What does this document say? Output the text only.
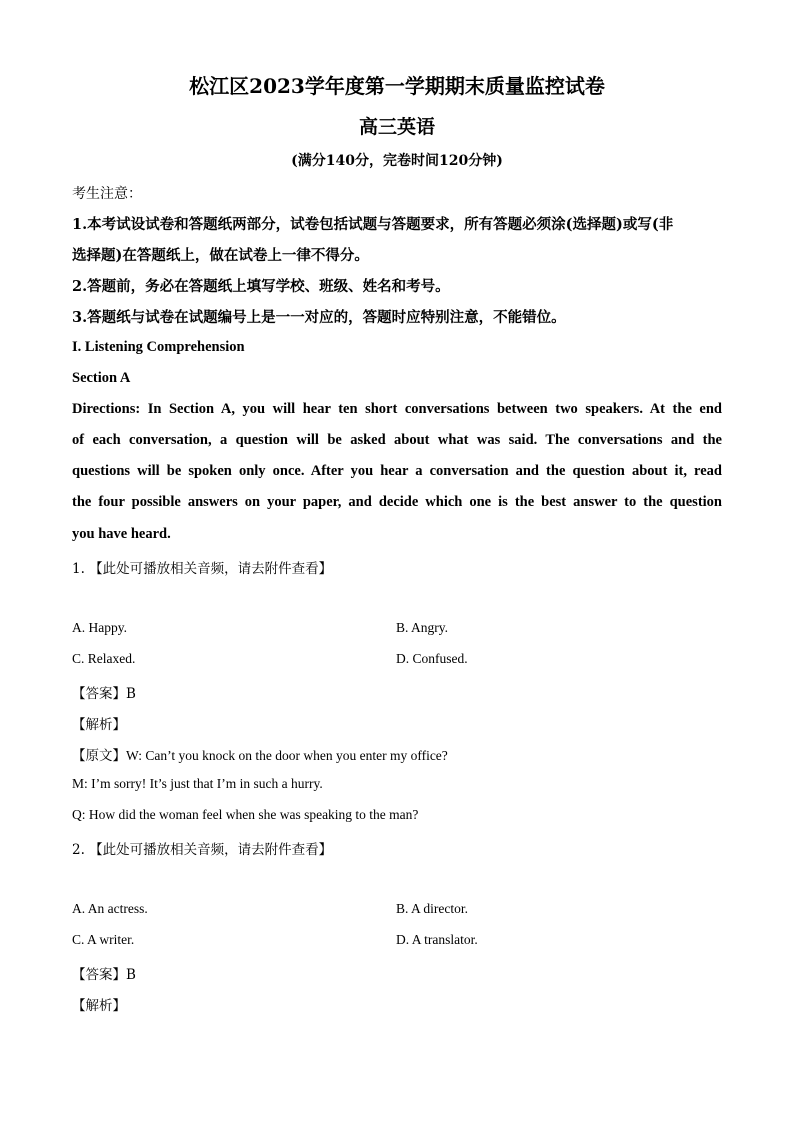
松江区2023学年度第一学期期末质量监控试卷
高三英语
(满分140分，完卷时间120分钟)
考生注意：
1.本考试设试卷和答题纸两部分，试卷包括试题与答题要求，所有答题必须涂(选择题)或写(非
选择题)在答题纸上，做在试卷上一律不得分。
2.答题前，务必在答题纸上填写学校、班级、姓名和考号。
3.答题纸与试卷在试题编号上是一一对应的，答题时应特别注意，不能错位。
I. Listening Comprehension
Section A
Directions: In Section A, you will hear ten short conversations between two speakers. At the end
of each conversation, a question will be asked about what was said. The conversations and the
questions will be spoken only once. After you hear a conversation and the question about it, read
the four possible answers on your paper, and decide which one is the best answer to the question
you have heard.
1. 【此处可播放相关音频，请去附件查看】
A. Happy.	B. Angry.
C. Relaxed.	D. Confused.
【答案】B
【解析】
【原文】W: Can’t you knock on the door when you enter my office?
M: I’m sorry! It’s just that I’m in such a hurry.
Q: How did the woman feel when she was speaking to the man?
2. 【此处可播放相关音频，请去附件查看】
A. An actress.	B. A director.
C. A writer.	D. A translator.
【答案】B
【解析】
